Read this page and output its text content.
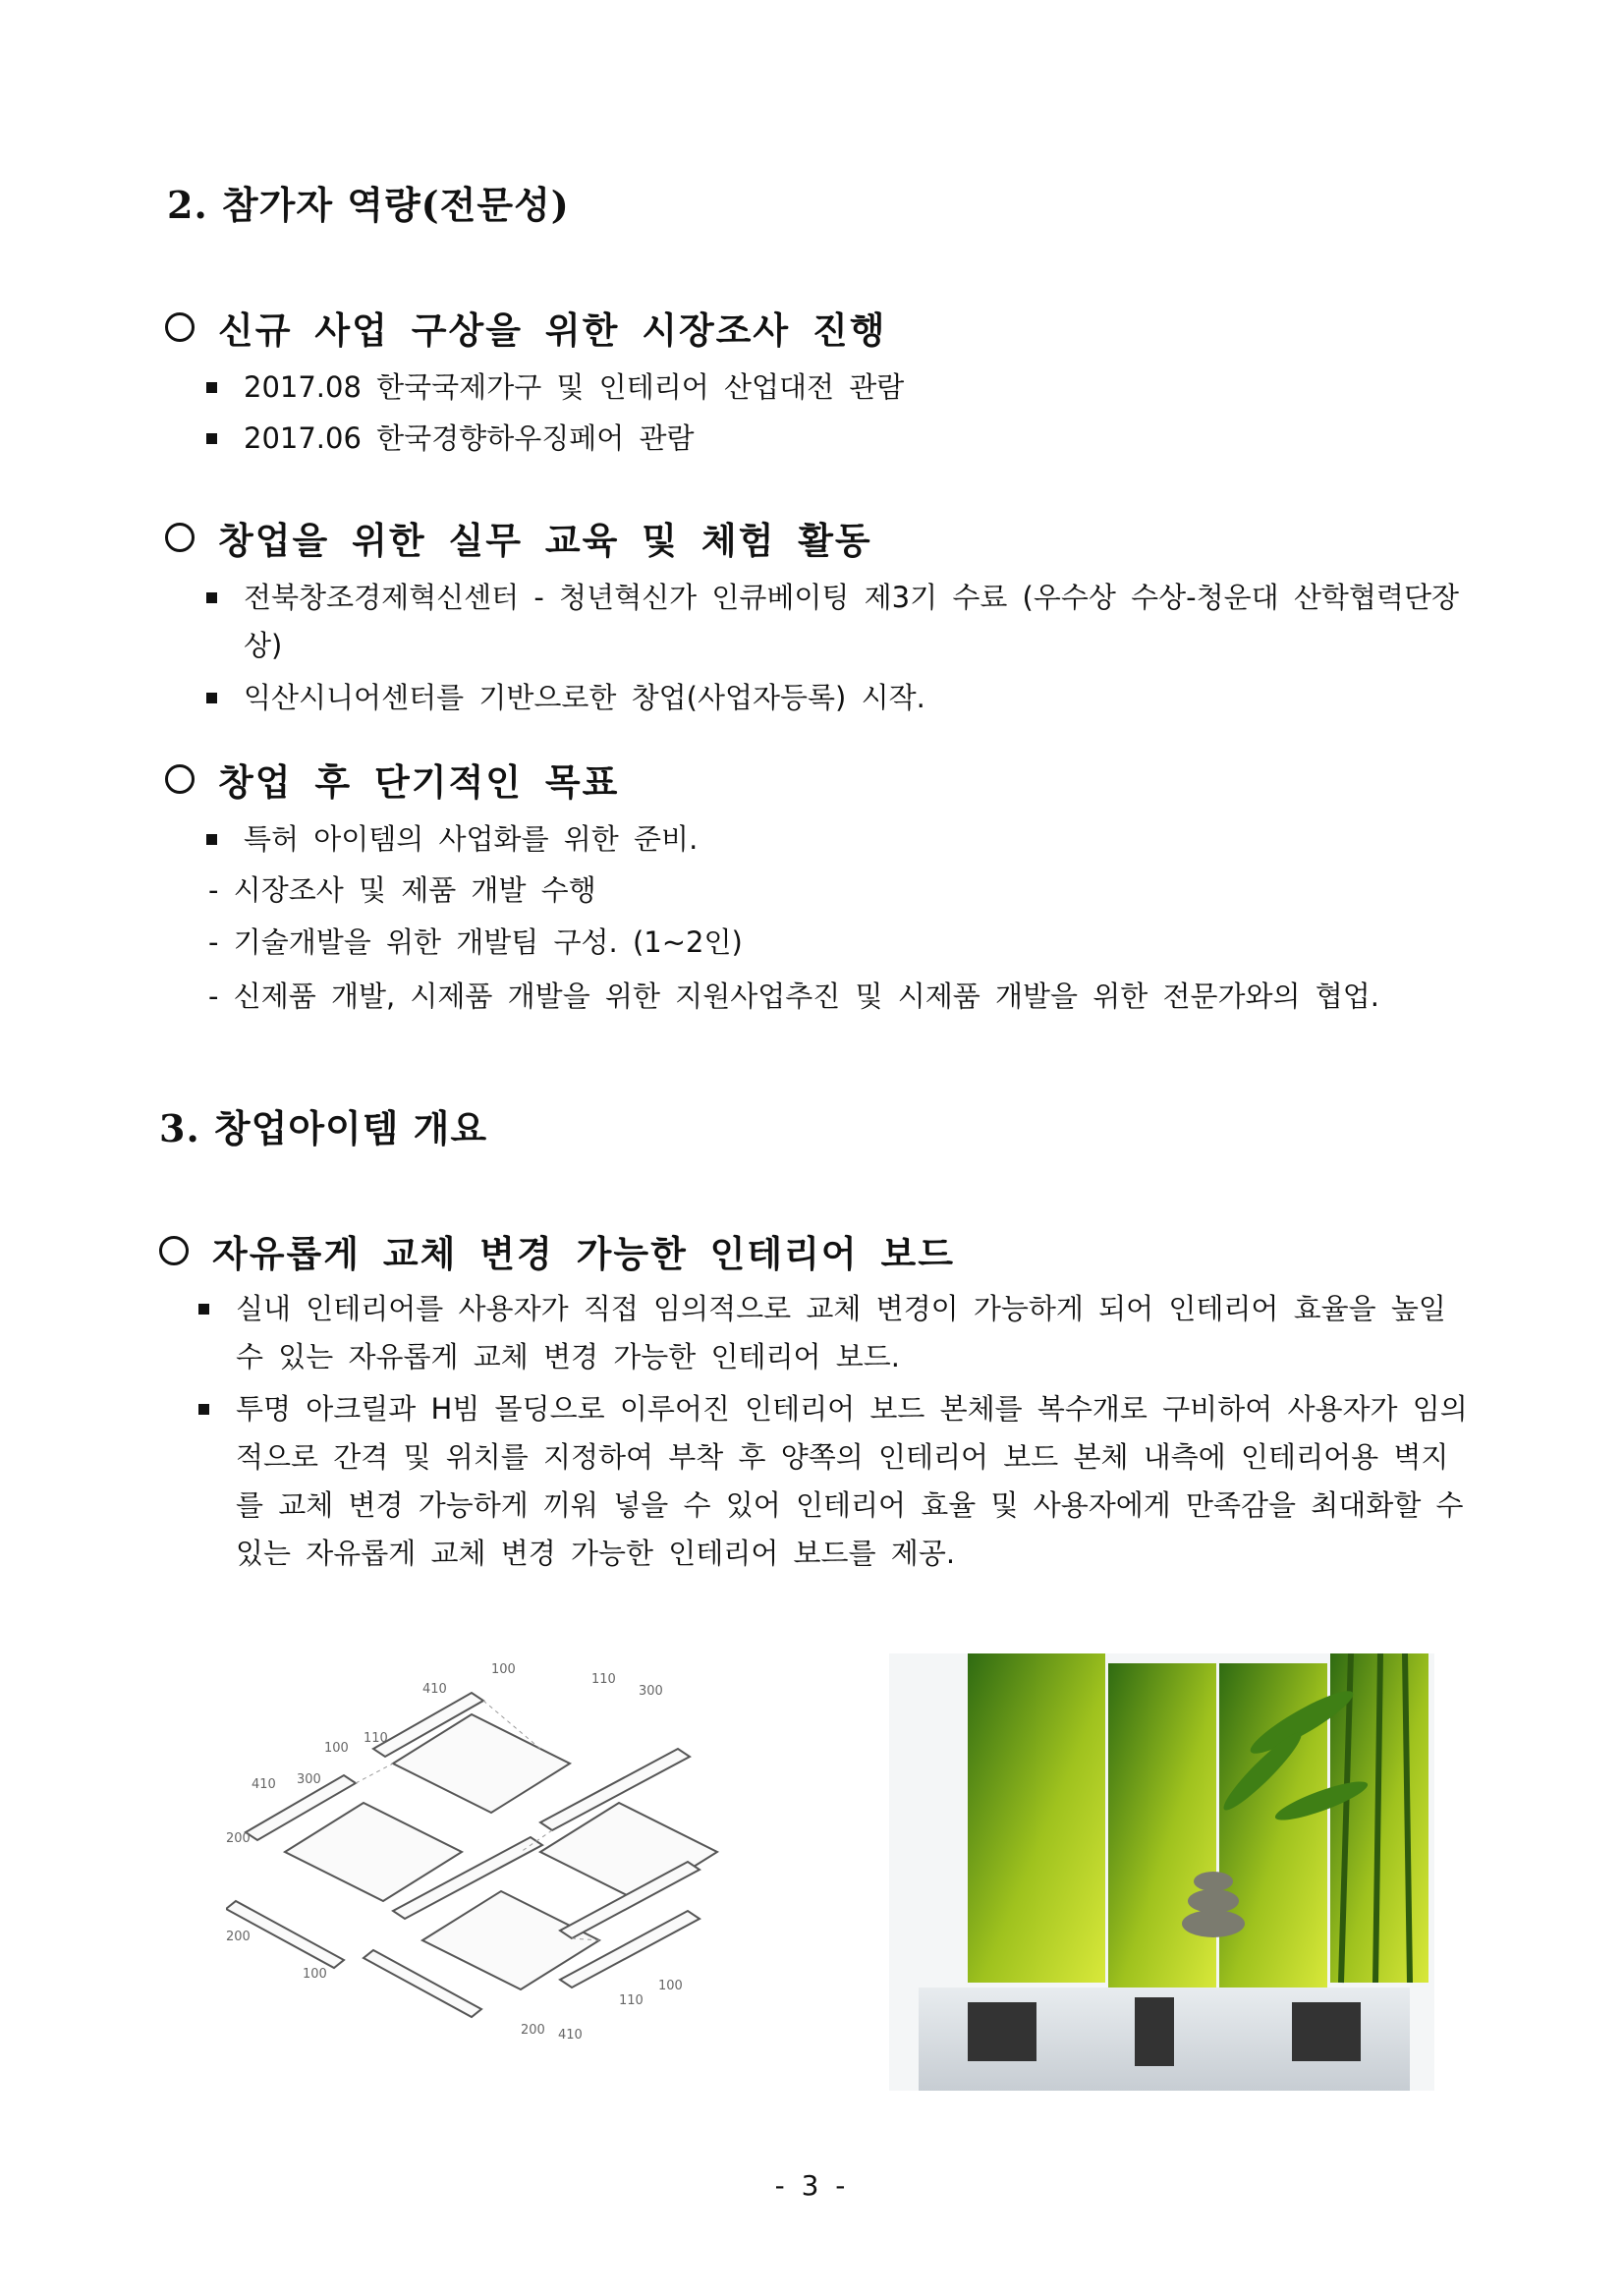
2. 참가자 역량(전문성)
신규 사업 구상을 위한 시장조사 진행
2017.08 한국국제가구 및 인테리어 산업대전 관람
2017.06 한국경향하우징페어 관람
창업을 위한 실무 교육 및 체험 활동
전북창조경제혁신센터 - 청년혁신가 인큐베이팅 제3기 수료 (우수상 수상-청운대 산학협력단장상)
익산시니어센터를 기반으로한 창업(사업자등록) 시작.
창업 후 단기적인 목표
특허 아이템의 사업화를 위한 준비.
- 시장조사 및 제품 개발 수행
- 기술개발을 위한 개발팀 구성. (1~2인)
- 신제품 개발, 시제품 개발을 위한 지원사업추진 및 시제품 개발을 위한 전문가와의 협업.
3. 창업아이템 개요
자유롭게 교체 변경 가능한 인테리어 보드
실내 인테리어를 사용자가 직접 임의적으로 교체 변경이 가능하게 되어 인테리어 효율을 높일 수 있는 자유롭게 교체 변경 가능한 인테리어 보드.
투명 아크릴과 H빔 몰딩으로 이루어진 인테리어 보드 본체를 복수개로 구비하여 사용자가 임의적으로 간격 및 위치를 지정하여 부착 후 양쪽의 인테리어 보드 본체 내측에 인테리어용 벽지를 교체 변경 가능하게 끼워 넣을 수 있어 인테리어 효율 및 사용자에게 만족감을 최대화할 수 있는 자유롭게 교체 변경 가능한 인테리어 보드를 제공.
100
110
410	300
100
110
410 300
200
200
100
100
110
200 410
- 3 -
